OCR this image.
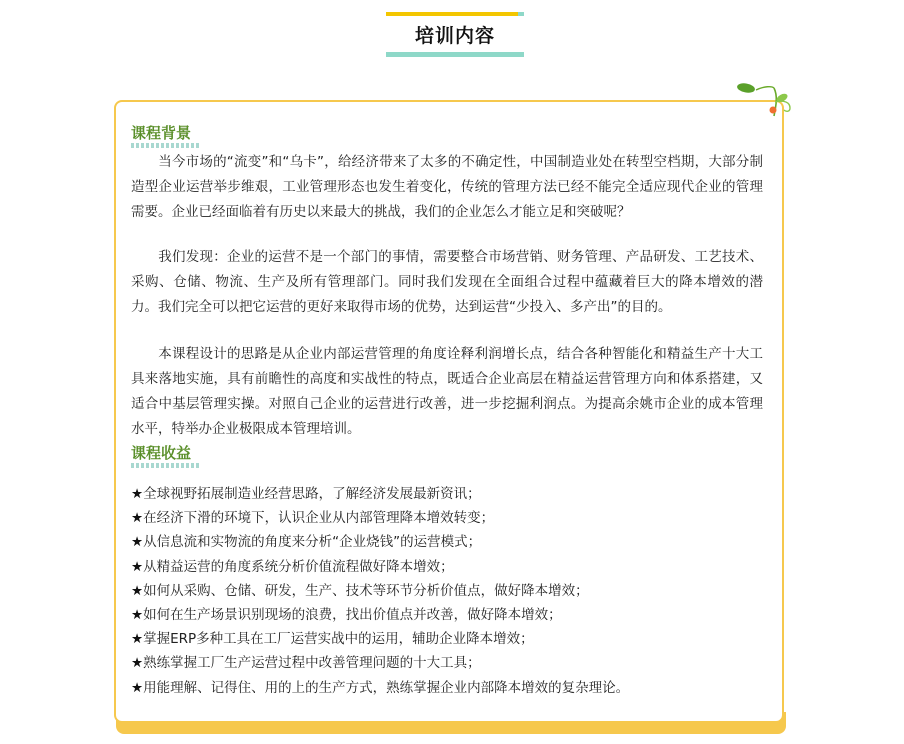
培训内容
课程背景
当今市场的“流变”和“乌卡”，给经济带来了太多的不确定性，中国制造业处在转型空档期，大部分制造型企业运营举步维艰，工业管理形态也发生着变化，传统的管理方法已经不能完全适应现代企业的管理需要。企业已经面临着有历史以来最大的挑战，我们的企业怎么才能立足和突破呢？
我们发现：企业的运营不是一个部门的事情，需要整合市场营销、财务管理、产品研发、工艺技术、采购、仓储、物流、生产及所有管理部门。同时我们发现在全面组合过程中蕴藏着巨大的降本增效的潜力。我们完全可以把它运营的更好来取得市场的优势，达到运营“少投入、多产出”的目的。
本课程设计的思路是从企业内部运营管理的角度诠释利润增长点，结合各种智能化和精益生产十大工具来落地实施，具有前瞻性的高度和实战性的特点，既适合企业高层在精益运营管理方向和体系搭建，又适合中基层管理实操。对照自己企业的运营进行改善，进一步挖掘利润点。为提高余姚市企业的成本管理水平，特举办企业极限成本管理培训。
课程收益
★全球视野拓展制造业经营思路，了解经济发展最新资讯；
★在经济下滑的环境下，认识企业从内部管理降本增效转变；
★从信息流和实物流的角度来分析“企业烧钱”的运营模式；
★从精益运营的角度系统分析价值流程做好降本增效；
★如何从采购、仓储、研发，生产、技术等环节分析价值点，做好降本增效；
★如何在生产场景识别现场的浪费，找出价值点并改善，做好降本增效；
★掌握ERP多种工具在工厂运营实战中的运用，辅助企业降本增效；
★熟练掌握工厂生产运营过程中改善管理问题的十大工具；
★用能理解、记得住、用的上的生产方式，熟练掌握企业内部降本增效的复杂理论。
